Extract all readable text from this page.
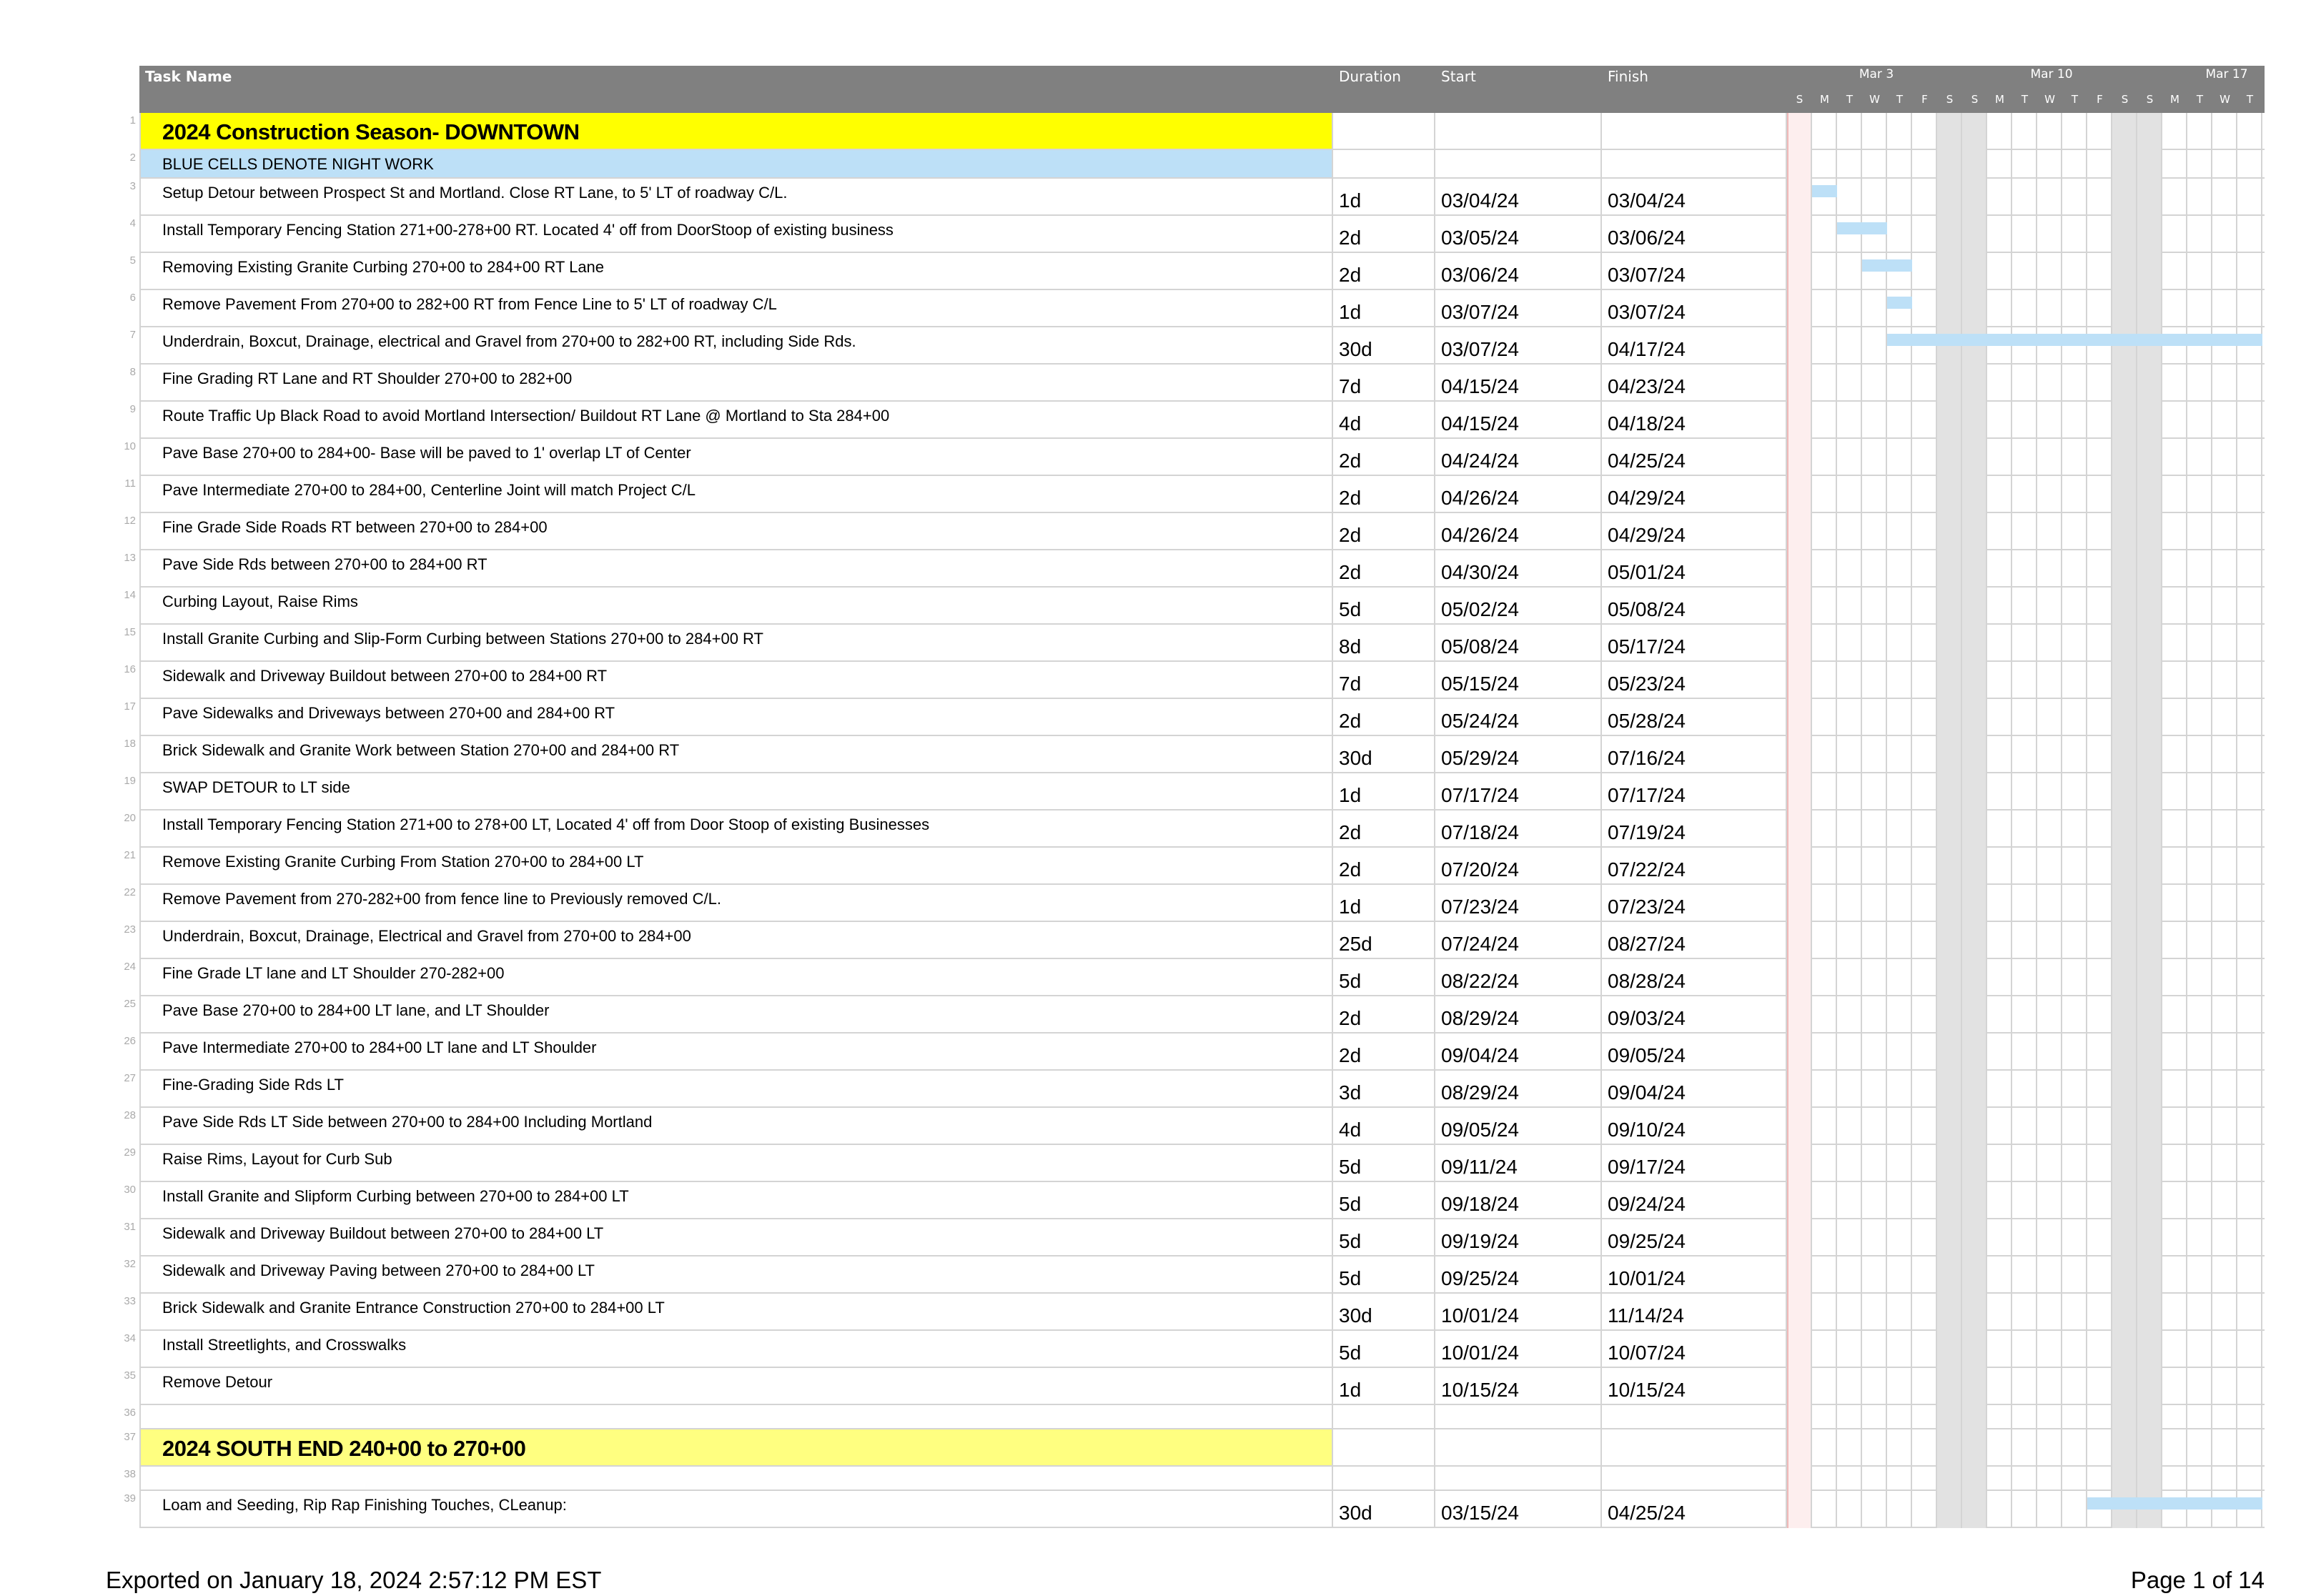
Task Name	Duration	Start	Finish	Mar 3	Mar 10	Mar 17
S	M	T	W	T	F	S	S	M	T	W	T	F	S	S	M	T	W	T
1 2024 Construction Season- DOWNTOWN
2 BLUE CELLS DENOTE NIGHT WORK
3 Setup Detour between Prospect St and Mortland. Close RT Lane, to 5' LT of roadway C/L.	1d	03/04/24	03/04/24
4 Install Temporary Fencing Station 271+00-278+00 RT. Located 4' off from DoorStoop of existing business	2d	03/05/24	03/06/24
5 Removing Existing Granite Curbing 270+00 to 284+00 RT Lane	2d	03/06/24	03/07/24
6 Remove Pavement From 270+00 to 282+00 RT from Fence Line to 5' LT of roadway C/L	1d	03/07/24	03/07/24
7 Underdrain, Boxcut, Drainage, electrical and Gravel from 270+00 to 282+00 RT, including Side Rds.	30d	03/07/24	04/17/24
8 Fine Grading RT Lane and RT Shoulder 270+00 to 282+00	7d	04/15/24	04/23/24
9 Route Traffic Up Black Road to avoid Mortland Intersection/ Buildout RT Lane @ Mortland to Sta 284+00	4d	04/15/24	04/18/24
10 Pave Base 270+00 to 284+00- Base will be paved to 1' overlap LT of Center	2d	04/24/24	04/25/24
11 Pave Intermediate 270+00 to 284+00, Centerline Joint will match Project C/L	2d	04/26/24	04/29/24
12 Fine Grade Side Roads RT between 270+00 to 284+00	2d	04/26/24	04/29/24
13 Pave Side Rds between 270+00 to 284+00 RT	2d	04/30/24	05/01/24
14 Curbing Layout, Raise Rims	5d	05/02/24	05/08/24
15 Install Granite Curbing and Slip-Form Curbing between Stations 270+00 to 284+00 RT	8d	05/08/24	05/17/24
16 Sidewalk and Driveway Buildout between 270+00 to 284+00 RT	7d	05/15/24	05/23/24
17 Pave Sidewalks and Driveways between 270+00 and 284+00 RT	2d	05/24/24	05/28/24
18 Brick Sidewalk and Granite Work between Station 270+00 and 284+00 RT	30d	05/29/24	07/16/24
19 SWAP DETOUR to LT side	1d	07/17/24	07/17/24
20 Install Temporary Fencing Station 271+00 to 278+00 LT, Located 4' off from Door Stoop of existing Businesses	2d	07/18/24	07/19/24
21 Remove Existing Granite Curbing From Station 270+00 to 284+00 LT	2d	07/20/24	07/22/24
22 Remove Pavement from 270-282+00 from fence line to Previously removed C/L.	1d	07/23/24	07/23/24
23 Underdrain, Boxcut, Drainage, Electrical and Gravel from 270+00 to 284+00	25d	07/24/24	08/27/24
24 Fine Grade LT lane and LT Shoulder 270-282+00	5d	08/22/24	08/28/24
25 Pave Base 270+00 to 284+00 LT lane, and LT Shoulder	2d	08/29/24	09/03/24
26 Pave Intermediate 270+00 to 284+00 LT lane and LT Shoulder	2d	09/04/24	09/05/24
27 Fine-Grading Side Rds LT	3d	08/29/24	09/04/24
28 Pave Side Rds LT Side between 270+00 to 284+00 Including Mortland	4d	09/05/24	09/10/24
29 Raise Rims, Layout for Curb Sub	5d	09/11/24	09/17/24
30 Install Granite and Slipform Curbing between 270+00 to 284+00 LT	5d	09/18/24	09/24/24
31 Sidewalk and Driveway Buildout between 270+00 to 284+00 LT	5d	09/19/24	09/25/24
32 Sidewalk and Driveway Paving between 270+00 to 284+00 LT	5d	09/25/24	10/01/24
33 Brick Sidewalk and Granite Entrance Construction 270+00 to 284+00 LT	30d	10/01/24	11/14/24
34 Install Streetlights, and Crosswalks	5d	10/01/24	10/07/24
35 Remove Detour	1d	10/15/24	10/15/24
36
37 2024 SOUTH END 240+00 to 270+00
38
39 Loam and Seeding, Rip Rap Finishing Touches, CLeanup:	30d	03/15/24	04/25/24
Exported on January 18, 2024 2:57:12 PM EST	Page 1 of 14
